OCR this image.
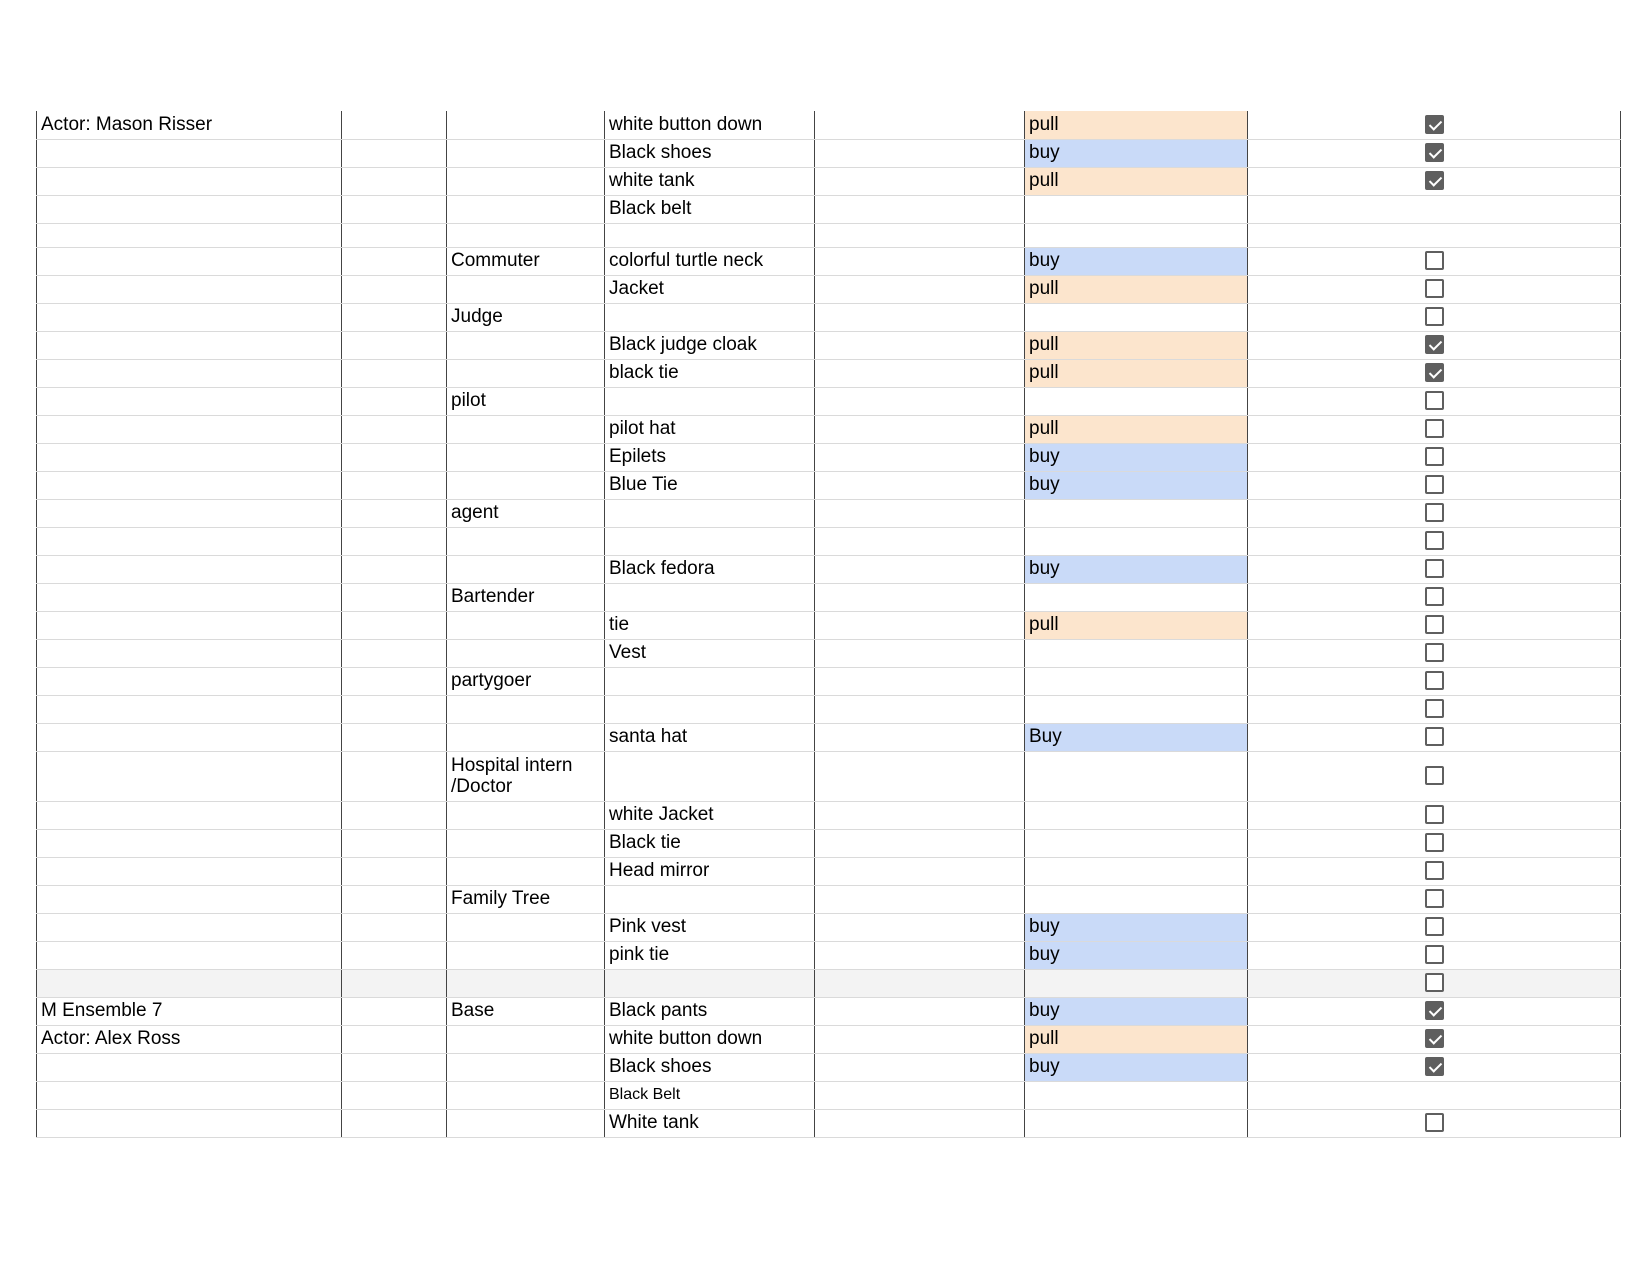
Actor: Mason Risser			white button down		pull	
			Black shoes		buy	
			white tank		pull	
			Black belt			

		Commuter	colorful turtle neck		buy	
			Jacket		pull	
		Judge				
			Black judge cloak		pull	
			black tie		pull	
		pilot				
			pilot hat		pull	
			Epilets		buy	
			Blue Tie		buy	
		agent				

			Black fedora		buy	
		Bartender				
			tie		pull	
			Vest			
		partygoer				

			santa hat		Buy	
		Hospital intern /Doctor				
			white Jacket			
			Black tie			
			Head mirror			
		Family Tree				
			Pink vest		buy	
			pink tie		buy	

M Ensemble 7		Base	Black pants		buy	
Actor: Alex Ross			white button down		pull	
			Black shoes		buy	
			Black Belt			
			White tank			
